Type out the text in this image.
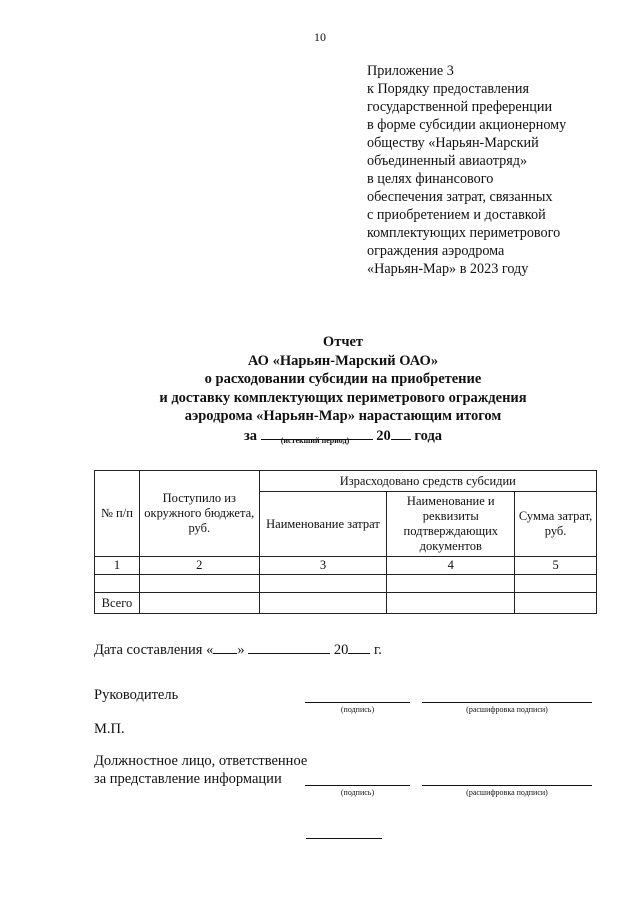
10
Приложение 3
к Порядку предоставления
государственной преференции
в форме субсидии акционерному
обществу «Нарьян-Марский
объединенный авиаотряд»
в целях финансового
обеспечения затрат, связанных
с приобретением и доставкой
комплектующих периметрового
ограждения аэродрома
«Нарьян-Мар» в 2023 году
Отчет
АО «Нарьян-Марский ОАО»
о расходовании субсидии на приобретение
и доставку комплектующих периметрового ограждения
аэродрома «Нарьян-Мар» нарастающим итогом
за	20 года
(истекший период)
№ п/п	Поступило из окружного бюджета, руб.	Израсходовано средств субсидии		
		Наименование затрат	Наименование и реквизиты подтверждающих документов	Сумма затрат, руб.
1	2	3	4	5

Всего				
Дата составления « »	20 г.
Руководитель
(подпись)	(расшифровка подписи)
М.П.
Должностное лицо, ответственное
за представление информации
(подпись)	(расшифровка подписи)
